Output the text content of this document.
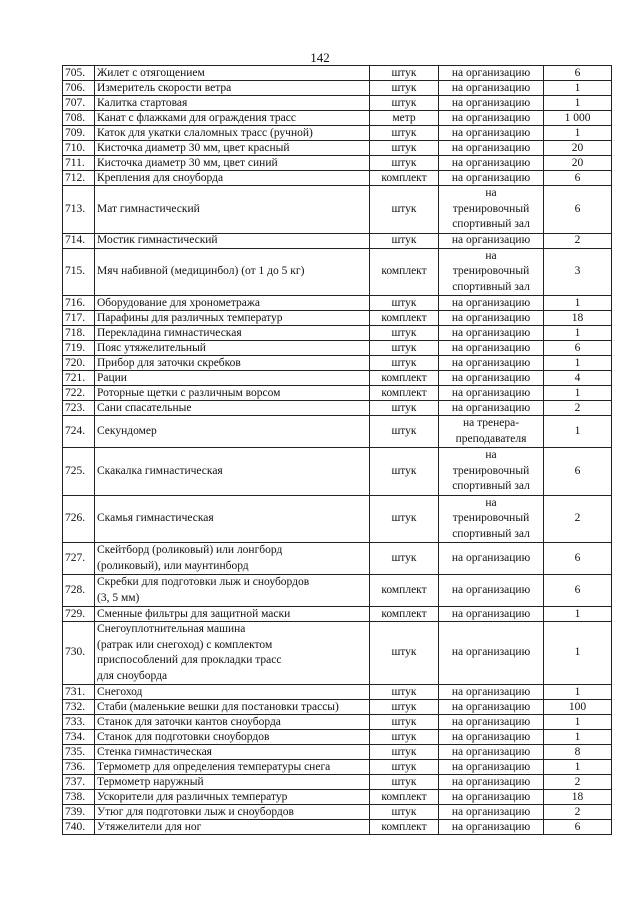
142
705.	Жилет с отягощением	штук	на организацию	6
706.	Измеритель скорости ветра	штук	на организацию	1
707.	Калитка стартовая	штук	на организацию	1
708.	Канат с флажками для ограждения трасс	метр	на организацию	1 000
709.	Каток для укатки слаломных трасс (ручной)	штук	на организацию	1
710.	Кисточка диаметр 30 мм, цвет красный	штук	на организацию	20
711.	Кисточка диаметр 30 мм, цвет синий	штук	на организацию	20
712.	Крепления для сноуборда	комплект	на организацию	6
713.	Мат гимнастический	штук	на
тренировочный
спортивный зал	6
714.	Мостик гимнастический	штук	на организацию	2
715.	Мяч набивной (медицинбол) (от 1 до 5 кг)	комплект	на
тренировочный
спортивный зал	3
716.	Оборудование для хронометража	штук	на организацию	1
717.	Парафины для различных температур	комплект	на организацию	18
718.	Перекладина гимнастическая	штук	на организацию	1
719.	Пояс утяжелительный	штук	на организацию	6
720.	Прибор для заточки скребков	штук	на организацию	1
721.	Рации	комплект	на организацию	4
722.	Роторные щетки с различным ворсом	комплект	на организацию	1
723.	Сани спасательные	штук	на организацию	2
724.	Секундомер	штук	на тренера-
преподавателя	1
725.	Скакалка гимнастическая	штук	на
тренировочный
спортивный зал	6
726.	Скамья гимнастическая	штук	на
тренировочный
спортивный зал	2
727.	Скейтборд (роликовый) или лонгборд
(роликовый), или маунтинборд	штук	на организацию	6
728.	Скребки для подготовки лыж и сноубордов
(3, 5 мм)	комплект	на организацию	6
729.	Сменные фильтры для защитной маски	комплект	на организацию	1
730.	Снегоуплотнительная машина
(ратрак или снегоход) с комплектом
приспособлений для прокладки трасс
для сноуборда	штук	на организацию	1
731.	Снегоход	штук	на организацию	1
732.	Стаби (маленькие вешки для постановки трассы)	штук	на организацию	100
733.	Станок для заточки кантов сноуборда	штук	на организацию	1
734.	Станок для подготовки сноубордов	штук	на организацию	1
735.	Стенка гимнастическая	штук	на организацию	8
736.	Термометр для определения температуры снега	штук	на организацию	1
737.	Термометр наружный	штук	на организацию	2
738.	Ускорители для различных температур	комплект	на организацию	18
739.	Утюг для подготовки лыж и сноубордов	штук	на организацию	2
740.	Утяжелители для ног	комплект	на организацию	6
